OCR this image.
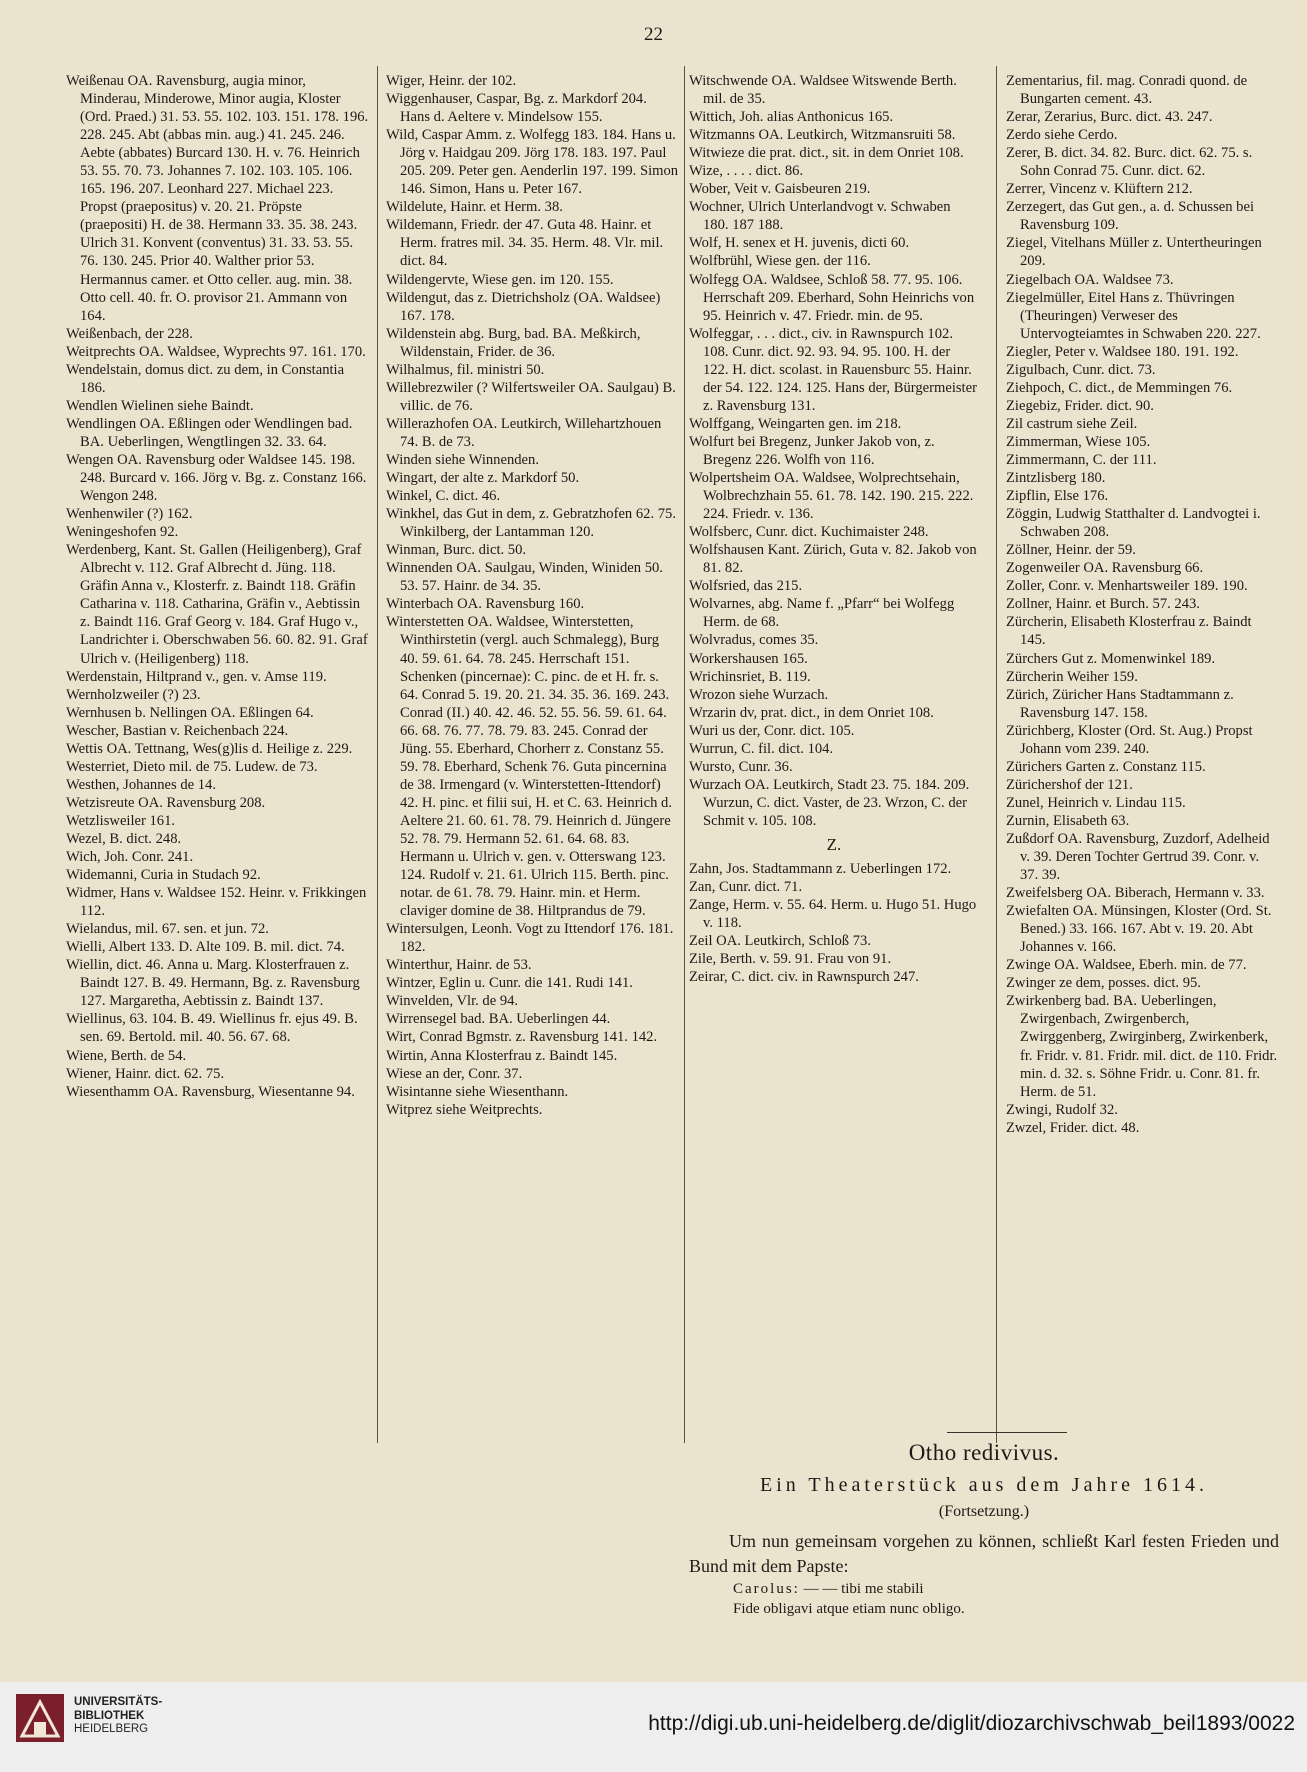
22

Weißenau OA. Ravensburg, augia minor, Minderau, Minderowe, Minor augia, Kloster (Ord. Praed.) 31. 53. 55. 102. 103. 151. 178. 196. 228. 245. Abt (abbas min. aug.) 41. 245. 246. Aebte (abbates) Burcard 130. H. v. 76. Heinrich 53. 55. 70. 73. Johannes 7. 102. 103. 105. 106. 165. 196. 207. Leonhard 227. Michael 223. Propst (praepositus) v. 20. 21. Pröpste (praepositi) H. de 38. Hermann 33. 35. 38. 243. Ulrich 31. Konvent (conventus) 31. 33. 53. 55. 76. 130. 245. Prior 40. Walther prior 53. Hermannus camer. et Otto celler. aug. min. 38. Otto cell. 40. fr. O. provisor 21. Ammann von 164.

Weißenbach, der 228.

Weitprechts OA. Waldsee, Wyprechts 97. 161. 170.

Wendelstain, domus dict. zu dem, in Constantia 186.

Wendlen Wielinen siehe Baindt.

Wendlingen OA. Eßlingen oder Wendlingen bad. BA. Ueberlingen, Wengtlingen 32. 33. 64.

Wengen OA. Ravensburg oder Waldsee 145. 198. 248. Burcard v. 166. Jörg v. Bg. z. Constanz 166. Wengon 248.

Wenhenwiler (?) 162.

Weningeshofen 92.

Werdenberg, Kant. St. Gallen (Heiligenberg), Graf Albrecht v. 112. Graf Albrecht d. Jüng. 118. Gräfin Anna v., Klosterfr. z. Baindt 118. Gräfin Catharina v. 118. Catharina, Gräfin v., Aebtissin z. Baindt 116. Graf Georg v. 184. Graf Hugo v., Landrichter i. Oberschwaben 56. 60. 82. 91. Graf Ulrich v. (Heiligenberg) 118.

Werdenstain, Hiltprand v., gen. v. Amse 119.

Wernholzweiler (?) 23.

Wernhusen b. Nellingen OA. Eßlingen 64.

Wescher, Bastian v. Reichenbach 224.

Wettis OA. Tettnang, Wes(g)lis d. Heilige z. 229.

Westerriet, Dieto mil. de 75. Ludew. de 73.

Westhen, Johannes de 14.

Wetzisreute OA. Ravensburg 208.

Wetzlisweiler 161.

Wezel, B. dict. 248.

Wich, Joh. Conr. 241.

Widemanni, Curia in Studach 92.

Widmer, Hans v. Waldsee 152. Heinr. v. Frikkingen 112.

Wielandus, mil. 67. sen. et jun. 72.

Wielli, Albert 133. D. Alte 109. B. mil. dict. 74.

Wiellin, dict. 46. Anna u. Marg. Klosterfrauen z. Baindt 127. B. 49. Hermann, Bg. z. Ravensburg 127. Margaretha, Aebtissin z. Baindt 137.

Wiellinus, 63. 104. B. 49. Wiellinus fr. ejus 49. B. sen. 69. Bertold. mil. 40. 56. 67. 68.

Wiene, Berth. de 54.

Wiener, Hainr. dict. 62. 75.

Wiesenthamm OA. Ravensburg, Wiesentanne 94.

Wiger, Heinr. der 102.

Wiggenhauser, Caspar, Bg. z. Markdorf 204. Hans d. Aeltere v. Mindelsow 155.

Wild, Caspar Amm. z. Wolfegg 183. 184. Hans u. Jörg v. Haidgau 209. Jörg 178. 183. 197. Paul 205. 209. Peter gen. Aenderlin 197. 199. Simon 146. Simon, Hans u. Peter 167.

Wildelute, Hainr. et Herm. 38.

Wildemann, Friedr. der 47. Guta 48. Hainr. et Herm. fratres mil. 34. 35. Herm. 48. Vlr. mil. dict. 84.

Wildengervte, Wiese gen. im 120. 155.

Wildengut, das z. Dietrichsholz (OA. Waldsee) 167. 178.

Wildenstein abg. Burg, bad. BA. Meßkirch, Wildenstain, Frider. de 36.

Wilhalmus, fil. ministri 50.

Willebrezwiler (? Wilfertsweiler OA. Saulgau) B. villic. de 76.

Willerazhofen OA. Leutkirch, Willehartzhouen 74. B. de 73.

Winden siehe Winnenden.

Wingart, der alte z. Markdorf 50.

Winkel, C. dict. 46.

Winkhel, das Gut in dem, z. Gebratzhofen 62. 75. Winkilberg, der Lantamman 120.

Winman, Burc. dict. 50.

Winnenden OA. Saulgau, Winden, Winiden 50. 53. 57. Hainr. de 34. 35.

Winterbach OA. Ravensburg 160.

Winterstetten OA. Waldsee, Winterstetten, Winthirstetin (vergl. auch Schmalegg), Burg 40. 59. 61. 64. 78. 245. Herrschaft 151. Schenken (pincernae): C. pinc. de et H. fr. s. 64. Conrad 5. 19. 20. 21. 34. 35. 36. 169. 243. Conrad (II.) 40. 42. 46. 52. 55. 56. 59. 61. 64. 66. 68. 76. 77. 78. 79. 83. 245. Conrad der Jüng. 55. Eberhard, Chorherr z. Constanz 55. 59. 78. Eberhard, Schenk 76. Guta pincernina de 38. Irmengard (v. Winterstetten-Ittendorf) 42. H. pinc. et filii sui, H. et C. 63. Heinrich d. Aeltere 21. 60. 61. 78. 79. Heinrich d. Jüngere 52. 78. 79. Hermann 52. 61. 64. 68. 83. Hermann u. Ulrich v. gen. v. Otterswang 123. 124. Rudolf v. 21. 61. Ulrich 115. Berth. pinc. notar. de 61. 78. 79. Hainr. min. et Herm. claviger domine de 38. Hiltprandus de 79.

Wintersulgen, Leonh. Vogt zu Ittendorf 176. 181. 182.

Winterthur, Hainr. de 53.

Wintzer, Eglin u. Cunr. die 141. Rudi 141.

Winvelden, Vlr. de 94.

Wirrensegel bad. BA. Ueberlingen 44.

Wirt, Conrad Bgmstr. z. Ravensburg 141. 142.

Wirtin, Anna Klosterfrau z. Baindt 145.

Wiese an der, Conr. 37.

Wisintanne siehe Wiesenthann.

Witprez siehe Weitprechts.

Witschwende OA. Waldsee Witswende Berth. mil. de 35.

Wittich, Joh. alias Anthonicus 165.

Witzmanns OA. Leutkirch, Witzmansruiti 58.

Witwieze die prat. dict., sit. in dem Onriet 108.

Wize, . . . . dict. 86.

Wober, Veit v. Gaisbeuren 219.

Wochner, Ulrich Unterlandvogt v. Schwaben 180. 187 188.

Wolf, H. senex et H. juvenis, dicti 60.

Wolfbrühl, Wiese gen. der 116.

Wolfegg OA. Waldsee, Schloß 58. 77. 95. 106. Herrschaft 209. Eberhard, Sohn Heinrichs von 95. Heinrich v. 47. Friedr. min. de 95.

Wolfeggar, . . . dict., civ. in Rawnspurch 102. 108. Cunr. dict. 92. 93. 94. 95. 100. H. der 122. H. dict. scolast. in Rauensburc 55. Hainr. der 54. 122. 124. 125. Hans der, Bürgermeister z. Ravensburg 131.

Wolffgang, Weingarten gen. im 218.

Wolfurt bei Bregenz, Junker Jakob von, z. Bregenz 226. Wolfh von 116.

Wolpertsheim OA. Waldsee, Wolprechtsehain, Wolbrechzhain 55. 61. 78. 142. 190. 215. 222. 224. Friedr. v. 136.

Wolfsberc, Cunr. dict. Kuchimaister 248.

Wolfshausen Kant. Zürich, Guta v. 82. Jakob von 81. 82.

Wolfsried, das 215.

Wolvarnes, abg. Name f. „Pfarr“ bei Wolfegg Herm. de 68.

Wolvradus, comes 35.

Workershausen 165.

Wrichinsriet, B. 119.

Wrozon siehe Wurzach.

Wrzarin dv, prat. dict., in dem Onriet 108.

Wuri us der, Conr. dict. 105.

Wurrun, C. fil. dict. 104.

Wursto, Cunr. 36.

Wurzach OA. Leutkirch, Stadt 23. 75. 184. 209. Wurzun, C. dict. Vaster, de 23. Wrzon, C. der Schmit v. 105. 108.

Z.

Zahn, Jos. Stadtammann z. Ueberlingen 172.

Zan, Cunr. dict. 71.

Zange, Herm. v. 55. 64. Herm. u. Hugo 51. Hugo v. 118.

Zeil OA. Leutkirch, Schloß 73.

Zile, Berth. v. 59. 91. Frau von 91.

Zeirar, C. dict. civ. in Rawnspurch 247.

Zementarius, fil. mag. Conradi quond. de Bungarten cement. 43.

Zerar, Zerarius, Burc. dict. 43. 247.

Zerdo siehe Cerdo.

Zerer, B. dict. 34. 82. Burc. dict. 62. 75. s. Sohn Conrad 75. Cunr. dict. 62.

Zerrer, Vincenz v. Klüftern 212.

Zerzegert, das Gut gen., a. d. Schussen bei Ravensburg 109.

Ziegel, Vitelhans Müller z. Untertheuringen 209.

Ziegelbach OA. Waldsee 73.

Ziegelmüller, Eitel Hans z. Thüvringen (Theuringen) Verweser des Untervogteiamtes in Schwaben 220. 227.

Ziegler, Peter v. Waldsee 180. 191. 192.

Zigulbach, Cunr. dict. 73.

Ziehpoch, C. dict., de Memmingen 76.

Ziegebiz, Frider. dict. 90.

Zil castrum siehe Zeil.

Zimmerman, Wiese 105.

Zimmermann, C. der 111.

Zintzlisberg 180.

Zipflin, Else 176.

Zöggin, Ludwig Statthalter d. Landvogtei i. Schwaben 208.

Zöllner, Heinr. der 59.

Zogenweiler OA. Ravensburg 66.

Zoller, Conr. v. Menhartsweiler 189. 190.

Zollner, Hainr. et Burch. 57. 243.

Zürcherin, Elisabeth Klosterfrau z. Baindt 145.

Zürchers Gut z. Momenwinkel 189.

Zürcherin Weiher 159.

Zürich, Züricher Hans Stadtammann z. Ravensburg 147. 158.

Zürichberg, Kloster (Ord. St. Aug.) Propst Johann vom 239. 240.

Zürichers Garten z. Constanz 115.

Zürichershof der 121.

Zunel, Heinrich v. Lindau 115.

Zurnin, Elisabeth 63.

Zußdorf OA. Ravensburg, Zuzdorf, Adelheid v. 39. Deren Tochter Gertrud 39. Conr. v. 37. 39.

Zweifelsberg OA. Biberach, Hermann v. 33.

Zwiefalten OA. Münsingen, Kloster (Ord. St. Bened.) 33. 166. 167. Abt v. 19. 20. Abt Johannes v. 166.

Zwinge OA. Waldsee, Eberh. min. de 77.

Zwinger ze dem, posses. dict. 95.

Zwirkenberg bad. BA. Ueberlingen, Zwirgenbach, Zwirgenberch, Zwirggenberg, Zwirginberg, Zwirkenberk, fr. Fridr. v. 81. Fridr. mil. dict. de 110. Fridr. min. d. 32. s. Söhne Fridr. u. Conr. 81. fr. Herm. de 51.

Zwingi, Rudolf 32.

Zwzel, Frider. dict. 48.

Otho redivivus.
Ein Theaterstück aus dem Jahre 1614.
(Fortsetzung.)
Um nun gemeinsam vorgehen zu können, schließt Karl festen Frieden und Bund mit dem Papste:
Carolus: — — tibi me stabili
Fide obligavi atque etiam nunc obligo.
UNIVERSITÄTS-
BIBLIOTHEK
HEIDELBERG	http://digi.ub.uni-heidelberg.de/diglit/diozarchivschwab_beil1893/0022
